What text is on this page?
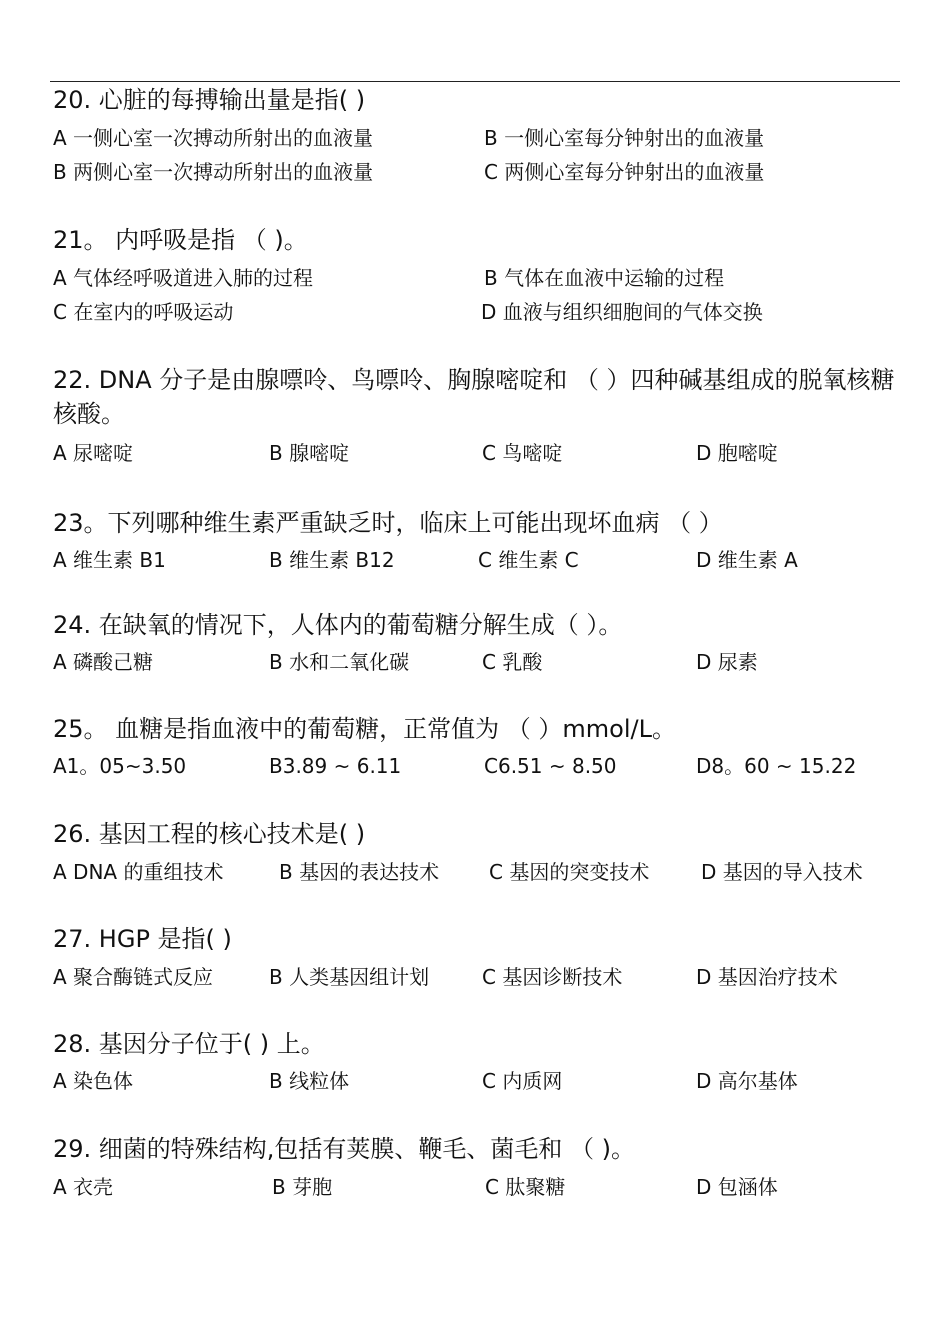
20. 心脏的每搏输出量是指( )
A 一侧心室一次搏动所射出的血液量	B 一侧心室每分钟射出的血液量
B 两侧心室一次搏动所射出的血液量	C 两侧心室每分钟射出的血液量
21。 内呼吸是指 （ )。
A 气体经呼吸道进入肺的过程	B 气体在血液中运输的过程
C 在室内的呼吸运动	D 血液与组织细胞间的气体交换
22. DNA 分子是由腺嘌呤、鸟嘌呤、胸腺嘧啶和 （ ）四种碱基组成的脱氧核糖核酸。
A 尿嘧啶	B 腺嘧啶	C 鸟嘧啶	D 胞嘧啶
23。下列哪种维生素严重缺乏时，临床上可能出现坏血病 （ ）
A 维生素 B1	B 维生素 B12	C 维生素 C	D 维生素 A
24. 在缺氧的情况下，人体内的葡萄糖分解生成（ ）。
A 磷酸己糖	B 水和二氧化碳	C 乳酸	D 尿素
25。 血糖是指血液中的葡萄糖，正常值为 （ ）mmol/L。
A1。05~3.50	B3.89 ~ 6.11	C6.51 ~ 8.50	D8。60 ~ 15.22
26. 基因工程的核心技术是( )
A DNA 的重组技术	B 基因的表达技术 C 基因的突变技术	D 基因的导入技术
27. HGP 是指( )
A 聚合酶链式反应	B 人类基因组计划	C 基因诊断技术	D 基因治疗技术
28. 基因分子位于( ) 上。
A 染色体	B 线粒体	C 内质网	D 高尔基体
29. 细菌的特殊结构,包括有荚膜、鞭毛、菌毛和 （ )。
A 衣壳	B 芽胞	C 肽聚糖	D 包涵体
